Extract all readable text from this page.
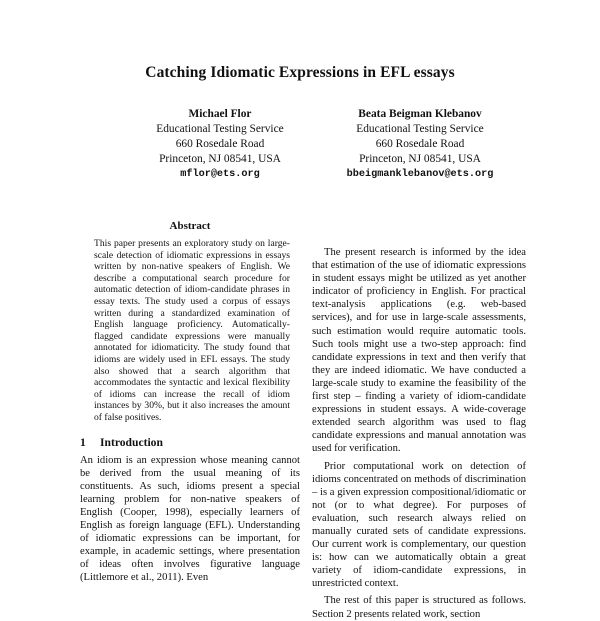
Catching Idiomatic Expressions in EFL essays
Michael Flor
Educational Testing Service
660 Rosedale Road
Princeton, NJ 08541, USA
mflor@ets.org
Beata Beigman Klebanov
Educational Testing Service
660 Rosedale Road
Princeton, NJ 08541, USA
bbeigmanklebanov@ets.org
Abstract

This paper presents an exploratory study on large-scale detection of idiomatic expressions in essays written by non-native speakers of English. We describe a computational search procedure for automatic detection of idiom-candidate phrases in essay texts. The study used a corpus of essays written during a standardized examination of English language proficiency. Automatically-flagged candidate expressions were manually annotated for idiomaticity. The study found that idioms are widely used in EFL essays. The study also showed that a search algorithm that accommodates the syntactic and lexical flexibility of idioms can increase the recall of idiom instances by 30%, but it also increases the amount of false positives.

1 Introduction

An idiom is an expression whose meaning cannot be derived from the usual meaning of its constituents. As such, idioms present a special learning problem for non-native speakers of English (Cooper, 1998), especially learners of English as foreign language (EFL). Understanding of idiomatic expressions can be important, for example, in academic settings, where presentation of ideas often involves figurative language (Littlemore et al., 2011). Even

The present research is informed by the idea that estimation of the use of idiomatic expressions in student essays might be utilized as yet another indicator of proficiency in English. For practical text-analysis applications (e.g. web-based services), and for use in large-scale assessments, such estimation would require automatic tools. Such tools might use a two-step approach: find candidate expressions in text and then verify that they are indeed idiomatic. We have conducted a large-scale study to examine the feasibility of the first step – finding a variety of idiom-candidate expressions in student essays. A wide-coverage extended search algorithm was used to flag candidate expressions and manual annotation was used for verification.

Prior computational work on detection of idioms concentrated on methods of discrimination – is a given expression compositional/idiomatic or not (or to what degree). For purposes of evaluation, such research always relied on manually curated sets of candidate expressions. Our current work is complementary, our question is: how can we automatically obtain a great variety of idiom-candidate expressions, in unrestricted context.

The rest of this paper is structured as follows. Section 2 presents related work, section
